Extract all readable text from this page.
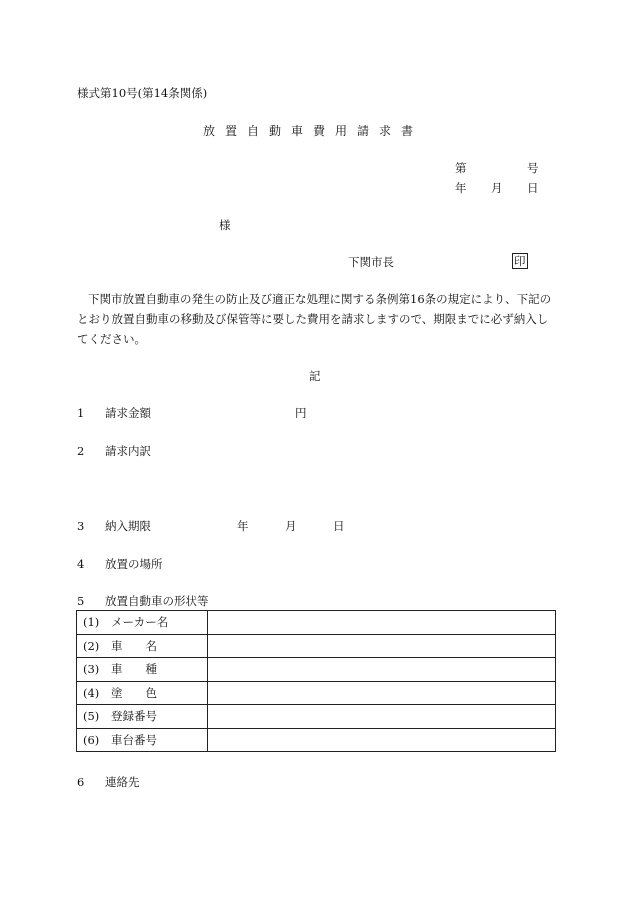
様式第10号(第14条関係)
放置自動車費用請求書
第	号
年 月 日
様
下関市長	印
下関市放置自動車の発生の防止及び適正な処理に関する条例第16条の規定により、下記のとおり放置自動車の移動及び保管等に要した費用を請求しますので、期限までに必ず納入してください。
記
1 請求金額	円
2 請求内訳
3 納入期限	年	月	日
4 放置の場所
5 放置自動車の形状等
(1) メーカー名	
(2) 車　　名	
(3) 車　　種	
(4) 塗　　色	
(5) 登録番号	
(6) 車台番号	
6 連絡先
